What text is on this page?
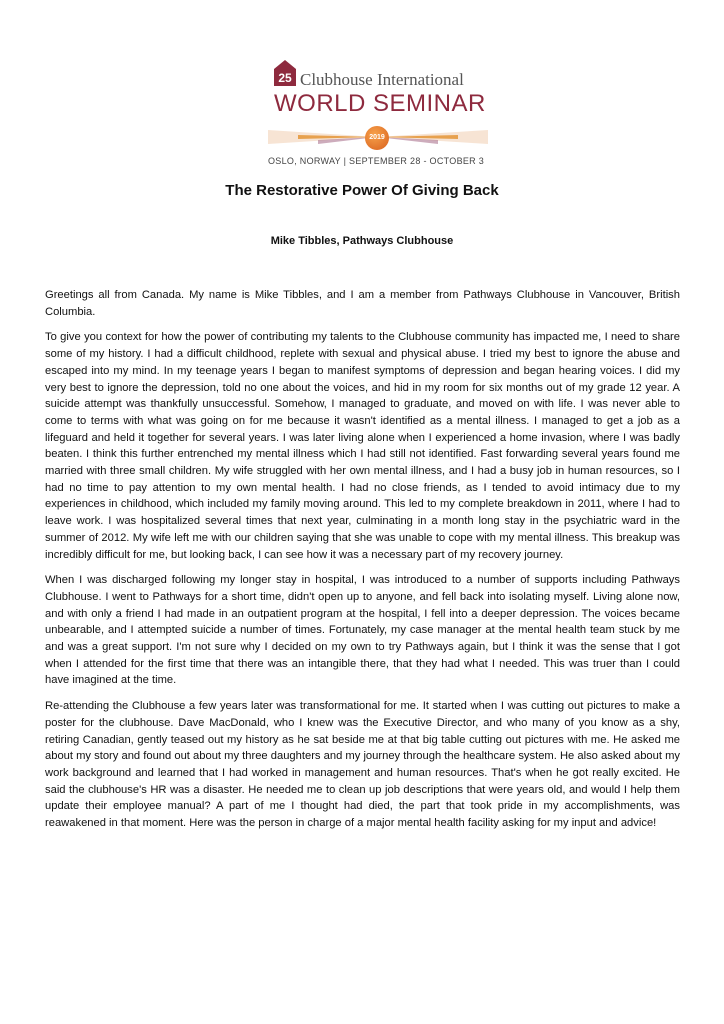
25 Clubhouse International
WORLD SEMINAR
2019
OSLO, NORWAY | SEPTEMBER 28 - OCTOBER 3
The Restorative Power Of Giving Back
Mike Tibbles, Pathways Clubhouse

Greetings all from Canada. My name is Mike Tibbles, and I am a member from Pathways Clubhouse in Vancouver, British Columbia.

To give you context for how the power of contributing my talents to the Clubhouse community has impacted me, I need to share some of my history. I had a difficult childhood, replete with sexual and physical abuse. I tried my best to ignore the abuse and escaped into my mind. In my teenage years I began to manifest symptoms of depression and began hearing voices. I did my very best to ignore the depression, told no one about the voices, and hid in my room for six months out of my grade 12 year. A suicide attempt was thankfully unsuccessful. Somehow, I managed to graduate, and moved on with life. I was never able to come to terms with what was going on for me because it wasn't identified as a mental illness. I managed to get a job as a lifeguard and held it together for several years. I was later living alone when I experienced a home invasion, where I was badly beaten. I think this further entrenched my mental illness which I had still not identified. Fast forwarding several years found me married with three small children. My wife struggled with her own mental illness, and I had a busy job in human resources, so I had no time to pay attention to my own mental health. I had no close friends, as I tended to avoid intimacy due to my experiences in childhood, which included my family moving around. This led to my complete breakdown in 2011, where I had to leave work. I was hospitalized several times that next year, culminating in a month long stay in the psychiatric ward in the summer of 2012. My wife left me with our children saying that she was unable to cope with my mental illness. This breakup was incredibly difficult for me, but looking back, I can see how it was a necessary part of my recovery journey.

When I was discharged following my longer stay in hospital, I was introduced to a number of supports including Pathways Clubhouse. I went to Pathways for a short time, didn't open up to anyone, and fell back into isolating myself. Living alone now, and with only a friend I had made in an outpatient program at the hospital, I fell into a deeper depression. The voices became unbearable, and I attempted suicide a number of times. Fortunately, my case manager at the mental health team stuck by me and was a great support. I'm not sure why I decided on my own to try Pathways again, but I think it was the sense that I got when I attended for the first time that there was an intangible there, that they had what I needed. This was truer than I could have imagined at the time.

Re-attending the Clubhouse a few years later was transformational for me. It started when I was cutting out pictures to make a poster for the clubhouse. Dave MacDonald, who I knew was the Executive Director, and who many of you know as a shy, retiring Canadian, gently teased out my history as he sat beside me at that big table cutting out pictures with me. He asked me about my story and found out about my three daughters and my journey through the healthcare system. He also asked about my work background and learned that I had worked in management and human resources. That's when he got really excited. He said the clubhouse's HR was a disaster. He needed me to clean up job descriptions that were years old, and would I help them update their employee manual? A part of me I thought had died, the part that took pride in my accomplishments, was reawakened in that moment. Here was the person in charge of a major mental health facility asking for my input and advice!
